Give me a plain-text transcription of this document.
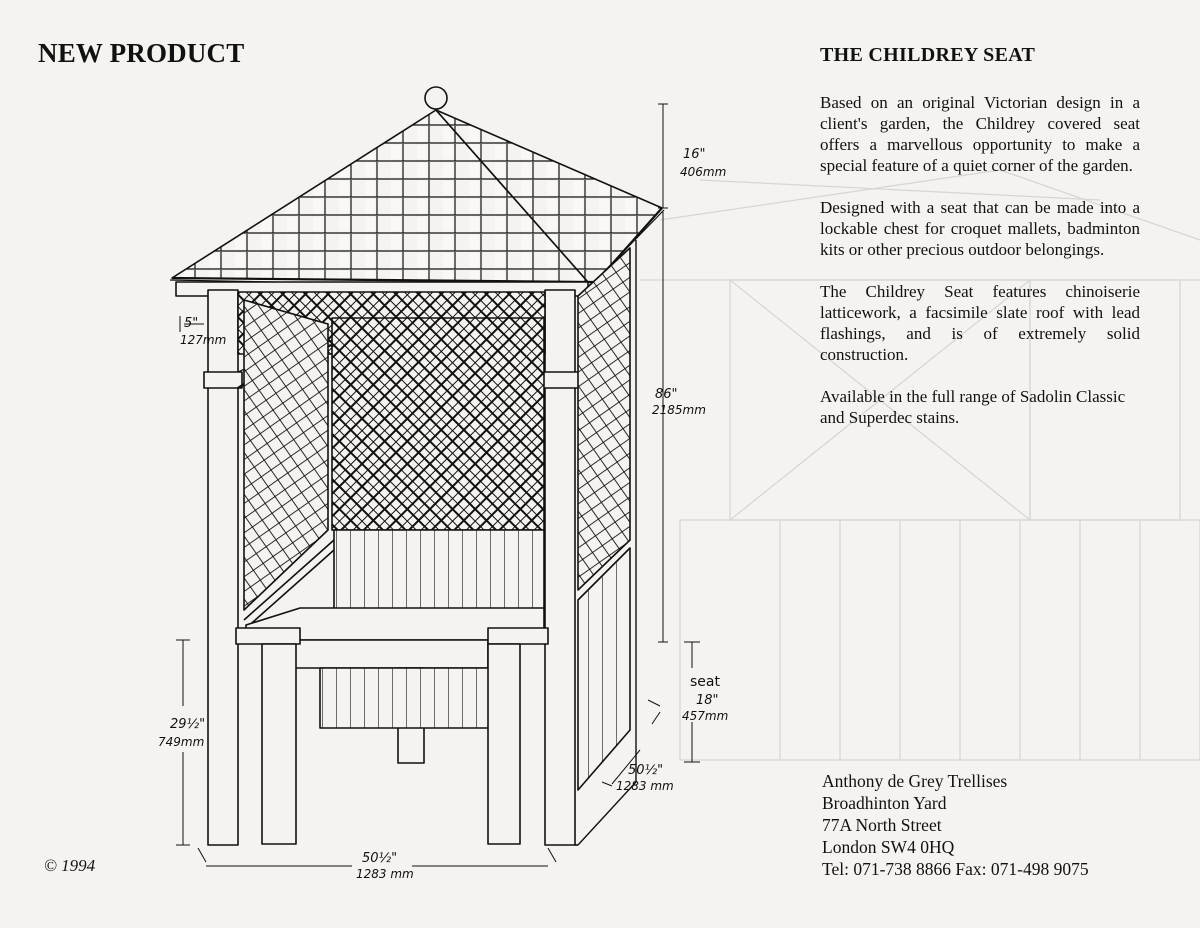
NEW PRODUCT	THE CHILDREY SEAT

Based on an original Victorian design in a client's garden, the Childrey covered seat offers a marvellous opportunity to make a special feature of a quiet corner of the garden.

Designed with a seat that can be made into a lockable chest for croquet mallets, badminton kits or other precious outdoor belongings.

The Childrey Seat features chinoiserie latticework, a facsimile slate roof with lead flashings, and is of extremely solid construction.

Available in the full range of Sadolin Classic and Superdec stains.

Anthony de Grey Trellises
Broadhinton Yard
77A North Street
London SW4 0HQ
Tel: 071-738 8866 Fax: 071-498 9075
© 1994
16"
406mm
5"
127mm
86"
2185mm
seat
18"
457mm
29½"
749mm
50½"
1283 mm
50½"
1283 mm
